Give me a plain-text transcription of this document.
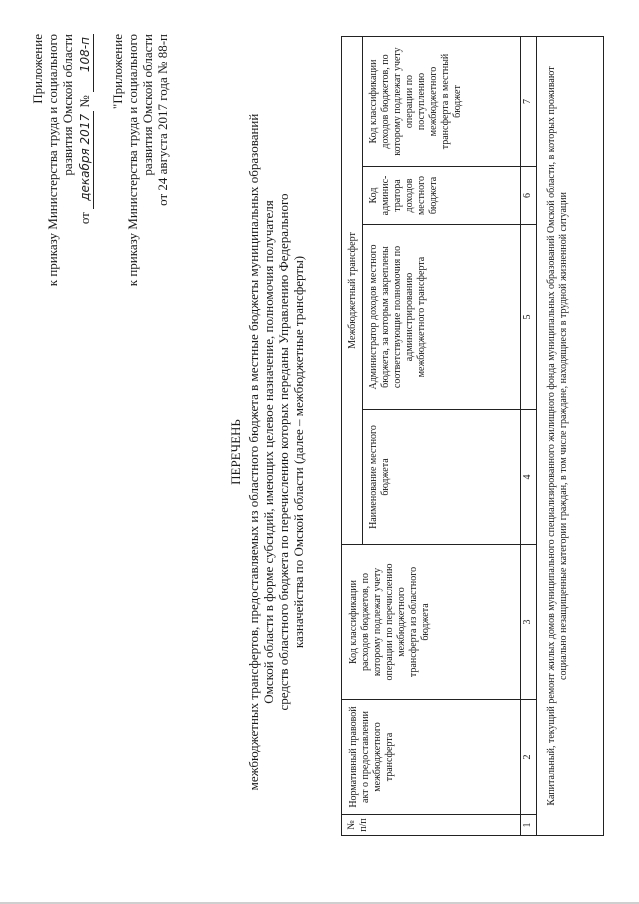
Приложение к приказу Министерства труда и социального развития Омской области
от декабря 2017 № 108-п "Приложение к приказу Министерства труда и социального развития Омской области от 24 августа 2017 года № 88-п
ПЕРЕЧЕНЬ межбюджетных трансфертов, предоставляемых из областного бюджета в местные бюджеты муниципальных образований Омской области в форме субсидий, имеющих целевое назначение, полномочия получателя средств областного бюджета по перечислению которых переданы Управлению Федерального казначейства по Омской области (далее – межбюджетные трансферты)	Межбюджетный трансферт
№ п/п
Нормативный правовой акт о предоставлении межбюджетного трансферта
Код классификации расходов бюджетов, по которому подлежат учету операции по перечислению межбюджетного трансферта из областного бюджета
Наименование местного бюджета
Администратор доходов местного бюджета, за которым закреплены соответствующие полномочия по администрированию межбюджетного трансферта
Код админис-тратора доходов местного бюджета
Код классификации доходов бюджетов, по которому подлежат учету операции по поступлению межбюджетного трансферта в местный бюджет
1
2
3
4
5
6
7	Капитальный, текущий ремонт жилых домов муниципального специализированного жилищного фонда муниципальных образований Омской области, в которых проживают социально незащищенные категории граждан, в том числе граждане, находящиеся в трудной жизненной ситуации
